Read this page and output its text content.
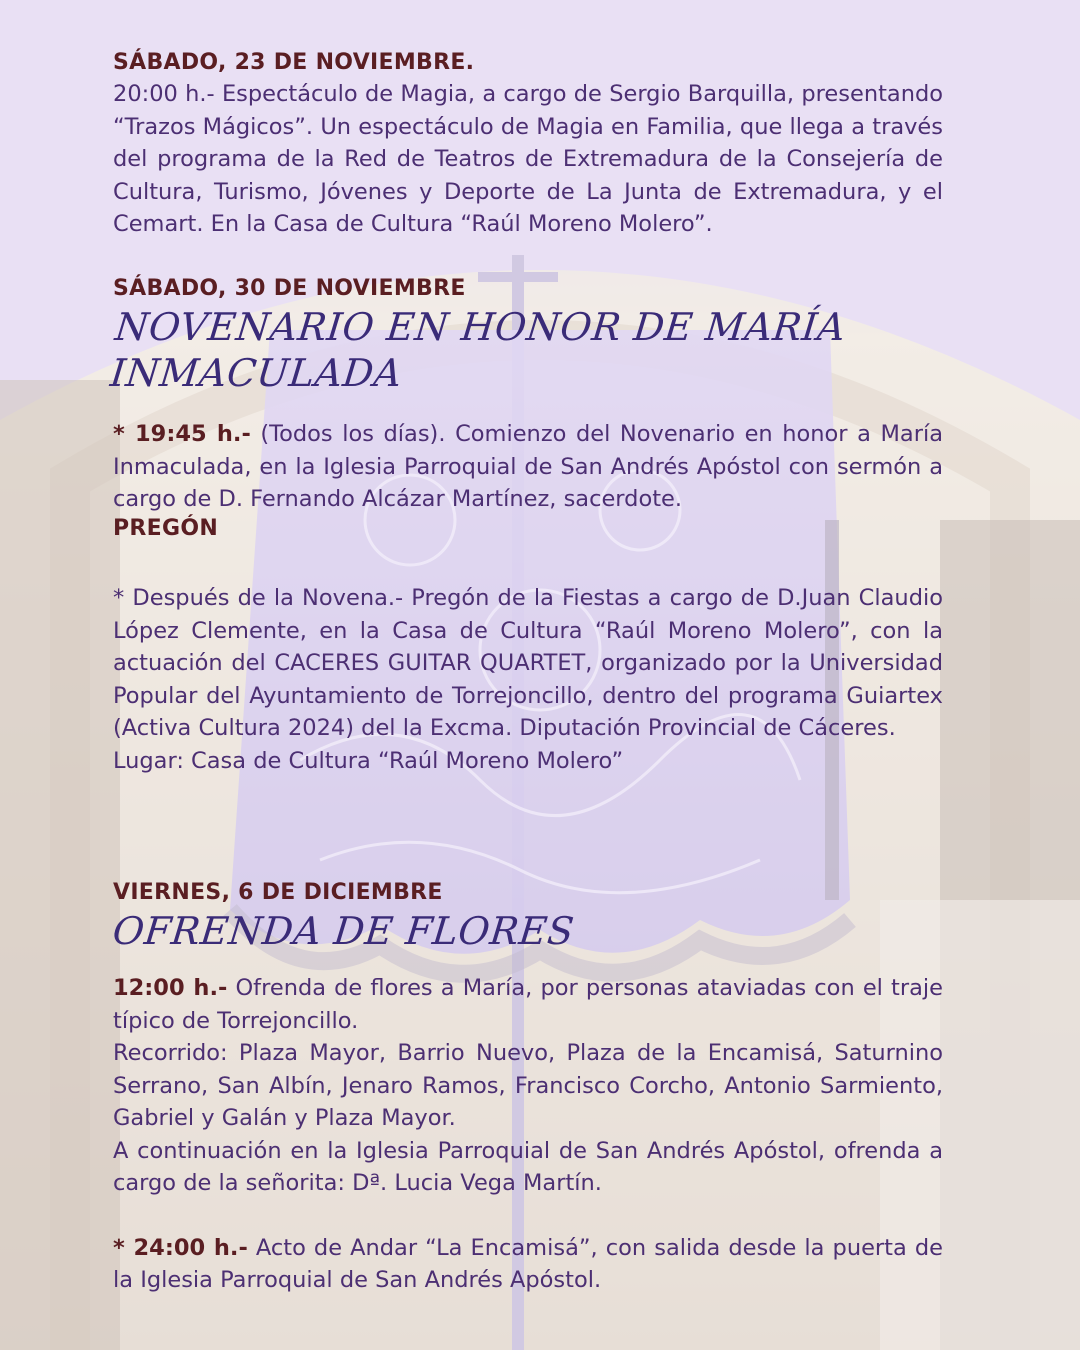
SÁBADO, 23 DE NOVIEMBRE.

20:00 h.- Espectáculo de Magia, a cargo de Sergio Barquilla, presentando “Trazos Mágicos”. Un espectáculo de Magia en Familia, que llega a través del programa de la Red de Teatros de Extremadura de la Consejería de Cultura, Turismo, Jóvenes y Deporte de La Junta de Extremadura, y el Cemart. En la Casa de Cultura “Raúl Moreno Molero”.

SÁBADO, 30 DE NOVIEMBRE
NOVENARIO EN HONOR DE MARÍA INMACULADA

* 19:45 h.- (Todos los días). Comienzo del Novenario en honor a María Inmaculada, en la Iglesia Parroquial de San Andrés Apóstol con sermón a cargo de D. Fernando Alcázar Martínez, sacerdote.

PREGÓN

* Después de la Novena.- Pregón de la Fiestas a cargo de D.Juan Claudio López Clemente, en la Casa de Cultura “Raúl Moreno Molero”, con la actuación del CACERES GUITAR QUARTET, organizado por la Universidad Popular del Ayuntamiento de Torrejoncillo, dentro del programa Guiartex (Activa Cultura 2024) del la Excma. Diputación Provincial de Cáceres.

Lugar: Casa de Cultura “Raúl Moreno Molero”

VIERNES, 6 DE DICIEMBRE
OFRENDA DE FLORES

12:00 h.- Ofrenda de flores a María, por personas ataviadas con el traje típico de Torrejoncillo.

Recorrido: Plaza Mayor, Barrio Nuevo, Plaza de la Encamisá, Saturnino Serrano, San Albín, Jenaro Ramos, Francisco Corcho, Antonio Sarmiento, Gabriel y Galán y Plaza Mayor.

A continuación en la Iglesia Parroquial de San Andrés Apóstol, ofrenda a cargo de la señorita: Dª. Lucia Vega Martín.

* 24:00 h.- Acto de Andar “La Encamisá”, con salida desde la puerta de la Iglesia Parroquial de San Andrés Apóstol.
